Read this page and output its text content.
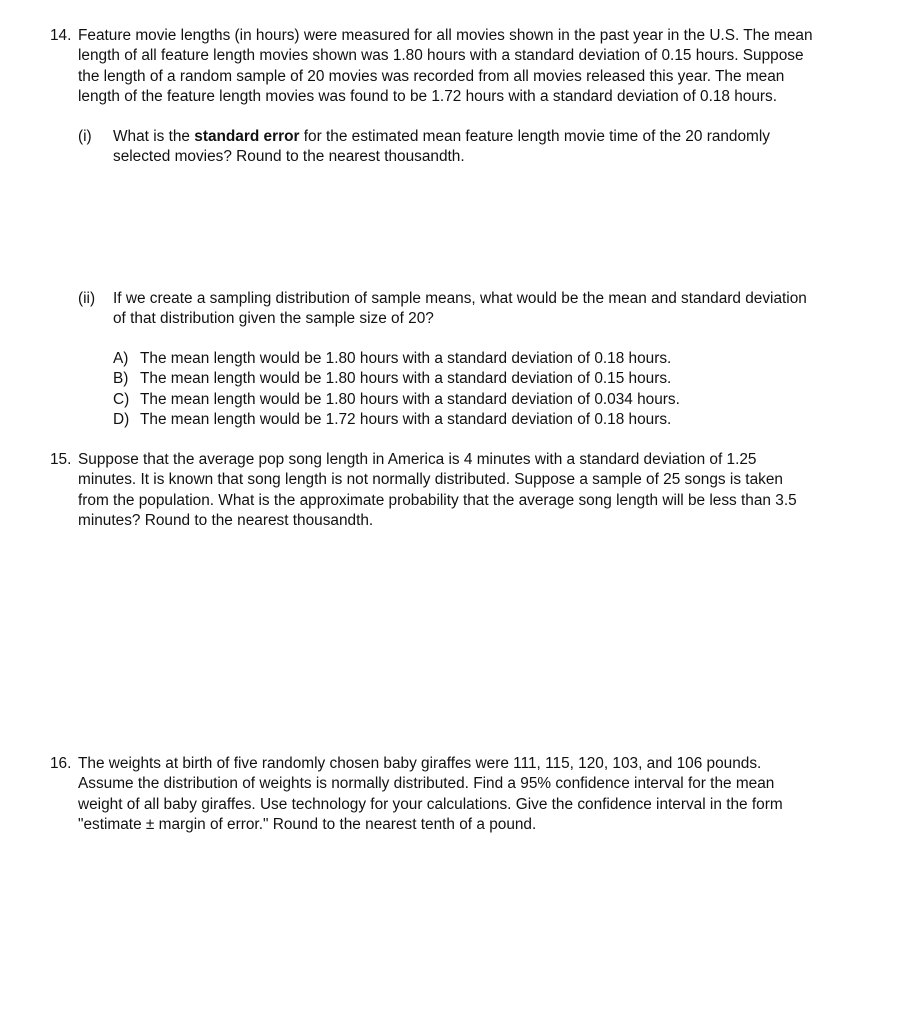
14. Feature movie lengths (in hours) were measured for all movies shown in the past year in the U.S. The mean
length of all feature length movies shown was 1.80 hours with a standard deviation of 0.15 hours. Suppose
the length of a random sample of 20 movies was recorded from all movies released this year. The mean
length of the feature length movies was found to be 1.72 hours with a standard deviation of 0.18 hours.
(i)	What is the standard error for the estimated mean feature length movie time of the 20 randomly
selected movies? Round to the nearest thousandth.
(ii)	If we create a sampling distribution of sample means, what would be the mean and standard deviation
of that distribution given the sample size of 20?
A) The mean length would be 1.80 hours with a standard deviation of 0.18 hours.
B) The mean length would be 1.80 hours with a standard deviation of 0.15 hours.
C) The mean length would be 1.80 hours with a standard deviation of 0.034 hours.
D) The mean length would be 1.72 hours with a standard deviation of 0.18 hours.
15. Suppose that the average pop song length in America is 4 minutes with a standard deviation of 1.25
minutes. It is known that song length is not normally distributed. Suppose a sample of 25 songs is taken
from the population. What is the approximate probability that the average song length will be less than 3.5
minutes? Round to the nearest thousandth.
16. The weights at birth of five randomly chosen baby giraffes were 111, 115, 120, 103, and 106 pounds.
Assume the distribution of weights is normally distributed. Find a 95% confidence interval for the mean
weight of all baby giraffes. Use technology for your calculations. Give the confidence interval in the form
"estimate ± margin of error." Round to the nearest tenth of a pound.
